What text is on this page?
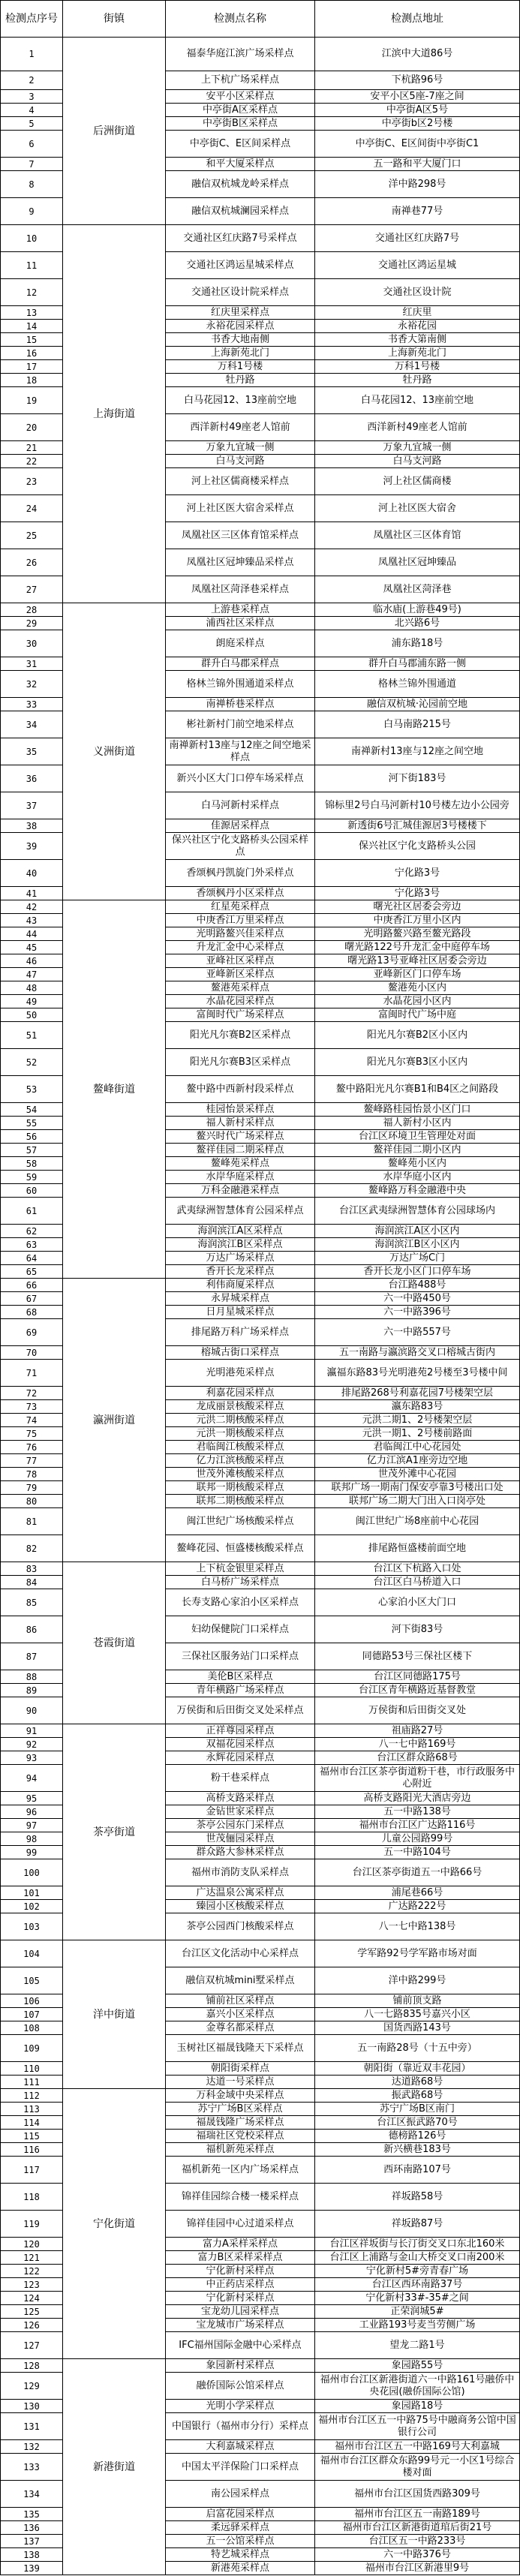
检测点序号	街镇	检测点名称	检测点地址
1	后洲街道	福泰华庭江滨广场采样点	江滨中大道86号
2		上下杭广场采样点	下杭路96号
3		安平小区采样点	安平小区5座-7座之间
4		中亭街A区采样点	中亭街A区5号
5		中亭街B区采样点	中亭街b区2号楼
6		中亭街C、E区间采样点	中亭街C、E区间街中亭街C1
7		和平大厦采样点	五一路和平大厦门口
8		融信双杭城龙岭采样点	洋中路298号
9		融信双杭城澜园采样点	南禅巷77号
10	上海街道	交通社区红庆路7号采样点	交通社区红庆路7号
11		交通社区鸿运星城采样点	交通社区鸿运星城
12		交通社区设计院采样点	交通社区设计院
13		红庆里采样点	红庆里
14		永裕花园采样点	永裕花园
15		书香大地南侧	书香大第南侧
16		上海新苑北门	上海新苑北门
17		万科1号楼	万科1号楼
18		牡丹路	牡丹路
19		白马花园12、13座前空地	白马花园12、13座前空地
20		西洋新村49座老人馆前	西洋新村49座老人馆前
21		万象九宜城一侧	万象九宜城一侧
22		白马支河路	白马支河路
23		河上社区儒商楼采样点	河上社区儒商楼
24		河上社区医大宿舍采样点	河上社区医大宿舍
25		凤凰社区三区体育馆采样点	凤凰社区三区体育馆
26		凤凰社区冠坤臻品采样点	凤凰社区冠坤臻品
27		凤凰社区菏泽巷采样点	凤凰社区菏泽巷
28	义洲街道	上游巷采样点	临水庙(上游巷49号)
29		浦西社区采样点	北兴路6号
30		朗庭采样点	浦东路18号
31		群升白马郡采样点	群升白马郡浦东路一侧
32		格林兰锦外围通道采样点	格林兰锦外围通道
33		南禅桥巷采样点	融信双杭城·沁园前空地
34		彬社新村门前空地采样点	白马南路215号
35		南禅新村13座与12座之间空地采样点	南禅新村13座与12座之间空地
36		新兴小区大门口停车场采样点	河下街183号
37		白马河新村采样点	锦标里2号白马河新村10号楼左边小公园旁
38		佳源居采样点	新透街6号汇城佳源居3号楼楼下
39		保兴社区宁化支路桥头公园采样点	保兴社区宁化支路桥头公园
40		香颂枫丹凯旋门外采样点	宁化路3号
41		香颂枫丹小区采样点	宁化路3号
42	鳌峰街道	红星苑采样点	曙光社区居委会旁边
43		中庚香江万里采样点	中庚香江万里小区内
44		光明路鳌兴佳采样点	光明路鳌兴路至鳌光路段
45		升龙汇金中心采样点	曙光路122号升龙汇金中庭停车场
46		亚峰社区采样点	曙光路13号亚峰社区居委会旁边
47		亚峰新区采样点	亚峰新区门口停车场
48		鳌港苑采样点	鳌港苑小区内
49		水晶花园采样点	水晶花园小区内
50		富闽时代广场采样点	富闽时代广场中庭
51		阳光凡尔赛B2区采样点	阳光凡尔赛B2区小区内
52		阳光凡尔赛B3区采样点	阳光凡尔赛B3区小区内
53		鳌中路中西新村段采样点	鳌中路阳光凡尔赛B1和B4区之间路段
54		桂园怡景采样点	鳌峰路桂园怡景小区门口
55		福人新村采样点	福人新村小区内
56		鳌兴时代广场采样点	台江区环境卫生管理处对面
57		鳌祥佳园二期采样点	鳌祥佳园二期小区内
58		鳌峰苑采样点	鳌峰苑小区内
59		水岸华庭采样点	水岸华庭小区内
60		万科金融港采样点	鳌峰路万科金融港中央
61		武夷绿洲智慧体育公园采样点	台江区武夷绿洲智慧体育公园球场内
62		海润滨江A区采样点	海润滨江A区小区内
63		海润滨江B区采样点	海润滨江B区小区内
64		万达广场采样点	万达广场C门
65		香开长龙采样点	香开长龙小区门口停车场
66	瀛洲街道	利伟商厦采样点	台江路488号
67		永昇城采样点	六一中路450号
68		日月星城采样点	六一中路396号
69		排尾路万科广场采样点	六一中路557号
70		榕城古街口采样点	五一南路与瀛滨路交叉口榕城古街内
71		光明港苑采样点	瀛福东路83号光明港苑2号楼至3号楼中间
72		利嘉花园采样点	排尾路268号利嘉花园7号楼架空层
73		龙成丽景核酸采样点	瀛东路83号
74		元洪二期核酸采样点	元洪二期1、2号楼架空层
75		元洪一期核酸采样点	元洪一期1、2号楼前路面
76		君临闽江核酸采样点	君临闽江中心花园处
77		亿力江滨核酸采样点	亿力江滨A1座旁边空地
78		世茂外滩核酸采样点	世茂外滩中心花园
79		联邦一期核酸采样点	联邦广场一期南门保安亭靠3号楼出口处
80		联邦二期核酸采样点	联邦广场二期大门出入口岗亭处
81		闽江世纪广场核酸采样点	闽江世纪广场8座前中心花园
82		鳌峰花园、恒盛楼核酸采样点	排尾路恒盛楼前面空地
83	苍霞街道	上下杭金银里采样点	台江区下杭路入口处
84		白马桥广场采样点	台江区白马桥道入口
85		长寿支路心家泊小区采样点	心家泊小区大门口
86		妇幼保健院门口采样点	河下街83号
87		三保社区服务站门口采样点	同德路53号三保社区楼下
88		美伦B区采样点	台江区同德路175号
89		青年横路广场采样点	台江区青年横路近基督教堂
90		万侯街和后田街交叉处采样点	万侯街和后田街交叉处
91	茶亭街道	正祥尊园采样点	祖庙路27号
92		双福花园采样点	八一七中路169号
93		永辉花园采样点	台江区群众路68号
94		粉干巷采样点	福州市台江区茶亭街道粉干巷，市行政服务中心附近
95		高桥支路采样点	高桥支路阳光大酒店旁边
96		金钻世家采样点	五一中路138号
97		茶亭公园东门采样点	福州市台江区广达路116号
98		世茂俪园采样点	儿童公园路99号
99		群众路大参林采样点	五一中路104号
100		福州市消防支队采样点	台江区茶亭街道五一中路66号
101		广达温泉公寓采样点	浦尾巷66号
102		臻园小区核酸采样点	广达路222号
103		茶亭公园西门核酸采样点	八一七中路138号
104	洋中街道	台江区文化活动中心采样点	学军路92号学军路市场对面
105		融信双杭城mini墅采样点	洋中路299号
106		铺前社区采样点	铺前顶支路
107		嘉兴小区采样点	八一七路835号嘉兴小区
108		金尊名都采样点	国货西路143号
109		玉树社区福晟钱隆天下采样点	五一南路28号（十五中旁）
110		朝阳街采样点	朝阳街（靠近双丰花园）
111		达道一号采样点	达道路68号
112	宁化街道	万科金域中央采样点	振武路68号
113		苏宁广场B区采样点	苏宁广场B区南门
114		福晟钱隆广场采样点	台江区振武路70号
115		福瑞社区党校采样点	德榜路126号
116		福机新苑采样点	新兴横巷183号
117		福机新苑一区内广场采样点	西环南路107号
118		锦祥佳园综合楼一楼采样点	祥坂路58号
119		锦祥佳园中心过道采样点	祥坂路87号
120		富力A采样采样点	台江区祥坂街与长汀街交叉口东北160米
121		富力B区采样采样点	台江区上浦路与金山大桥交叉口南200米
122		宁化新村采样点	宁化新村5#旁青春广场
123		中正药店采样点	台江区西环南路37号
124		宁化新村采样点	宁化新村33#-35#之间
125		宝龙幼儿园采样点	正荣润城5#
126		宝龙城市广场采样点	工业路193号麦当劳侧广场
127		IFC福州国际金融中心采样点	望龙二路1号
128	新港街道	象园新村采样点	象园路55号
129		融侨国际公馆采样点	福州市台江区新港街道六一中路161号融侨中央花园(融侨国际公馆)
130		光明小学采样点	象园路18号
131		中国银行（福州市分行）采样点	福州市台江区五一中路75号中融商务公馆中国银行公司
132		大利嘉城采样点	福州市台江区五一中路169号大利嘉城
133		中国太平洋保险门口采样点	福州市台江区群众东路99号元一小区1号综合楼对面
134		南公园采样点	福州市台江区国货西路309号
135		启富花园采样点	福州市台江区五一南路189号
136		柔远驿采样点	福州市台江区新港街道琯后街21号
137		五一公馆采样点	台江区五一中路233号
138		特艺城采样点	六一中路376号
139		新港苑采样点	福州市台江区新港里9号
